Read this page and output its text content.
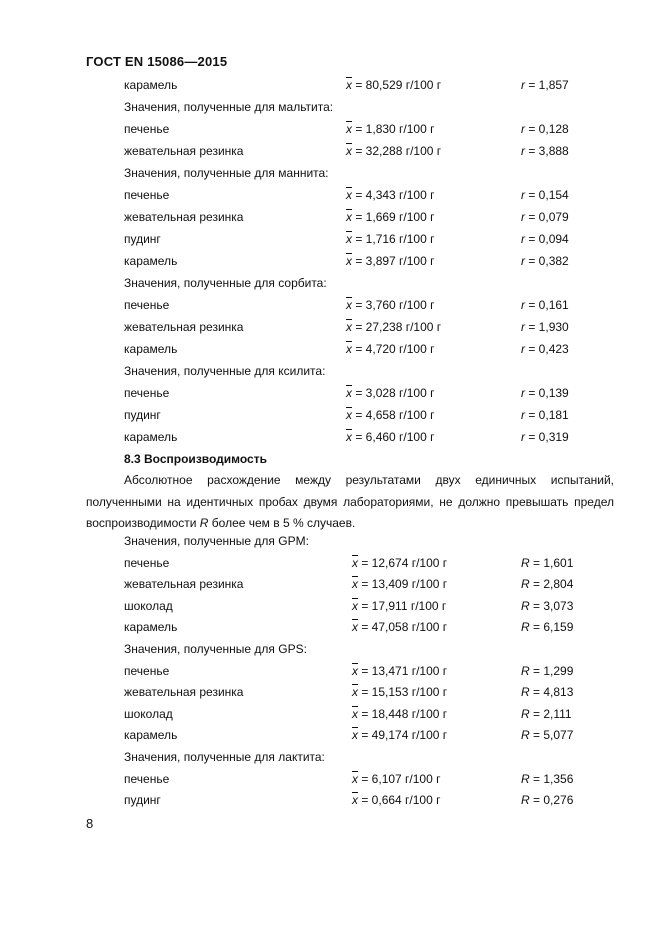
ГОСТ EN 15086—2015
карамель	$\overline{x} = 80,529$ г/100 г	r = 1,857
Значения, полученные для мальтита:
печенье	$\overline{x} = 1,830$ г/100 г	r = 0,128
жевательная резинка	$\overline{x} = 32,288$ г/100 г	r = 3,888
Значения, полученные для маннита:
печенье	$\overline{x} = 4,343$ г/100 г	r = 0,154
жевательная резинка	$\overline{x} = 1,669$ г/100 г	r = 0,079
пудинг	$\overline{x} = 1,716$ г/100 г	r = 0,094
карамель	$\overline{x} = 3,897$ г/100 г	r = 0,382
Значения, полученные для сорбита:
печенье	$\overline{x} = 3,760$ г/100 г	r = 0,161
жевательная резинка	$\overline{x} = 27,238$ г/100 г	r = 1,930
карамель	$\overline{x} = 4,720$ г/100 г	r = 0,423
Значения, полученные для ксилита:
печенье	$\overline{x} = 3,028$ г/100 г	r = 0,139
пудинг	$\overline{x} = 4,658$ г/100 г	r = 0,181
карамель	$\overline{x} = 6,460$ г/100 г	r = 0,319
8.3 Воспроизводимость
Абсолютное расхождение между результатами двух единичных испытаний, полученными на идентичных пробах двумя лабораториями, не должно превышать предел воспроизводимости R более чем в 5 % случаев.
Значения, полученные для GPM:
печенье	$\overline{x} = 12,674$ г/100 г	R = 1,601
жевательная резинка	$\overline{x} = 13,409$ г/100 г	R = 2,804
шоколад	$\overline{x} = 17,911$ г/100 г	R = 3,073
карамель	$\overline{x} = 47,058$ г/100 г	R = 6,159
Значения, полученные для GPS:
печенье	$\overline{x} = 13,471$ г/100 г	R = 1,299
жевательная резинка	$\overline{x} = 15,153$ г/100 г	R = 4,813
шоколад	$\overline{x} = 18,448$ г/100 г	R = 2,111
карамель	$\overline{x} = 49,174$ г/100 г	R = 5,077
Значения, полученные для лактита:
печенье	$\overline{x} = 6,107$ г/100 г	R = 1,356
пудинг	$\overline{x} = 0,664$ г/100 г	R = 0,276
8
